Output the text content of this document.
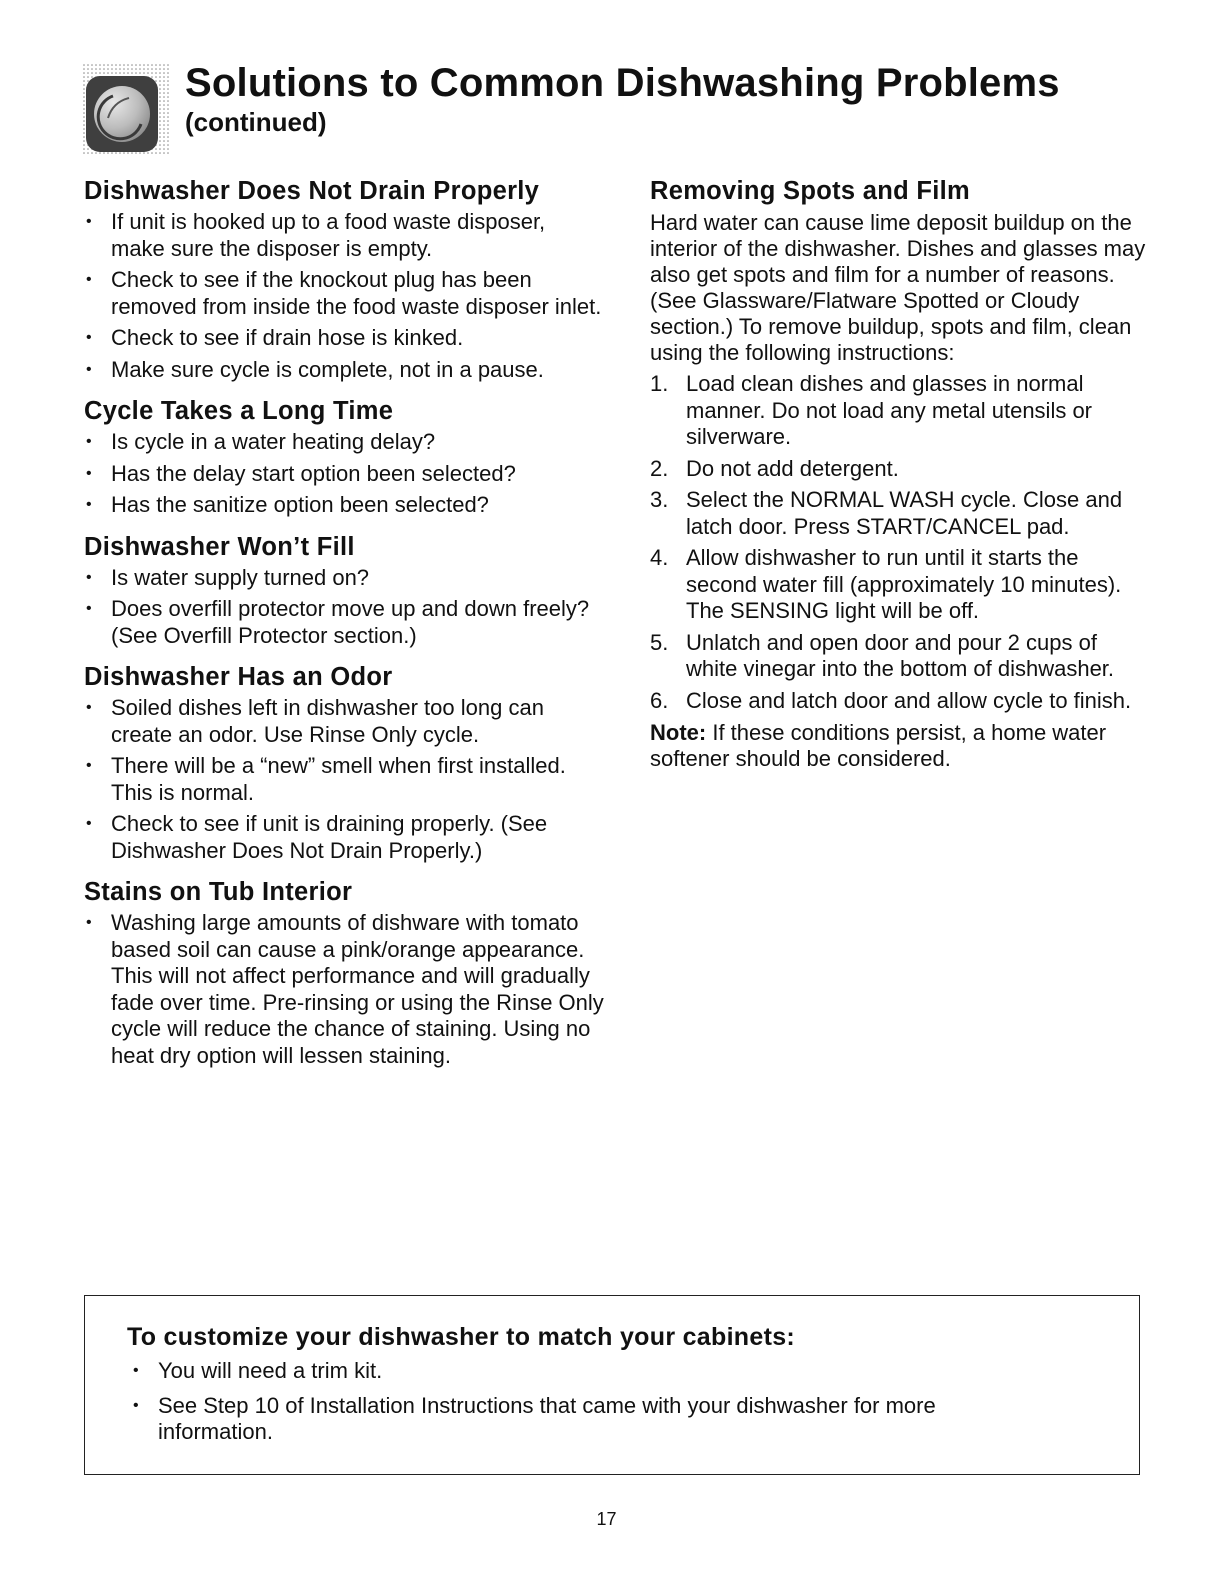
Solutions to Common Dishwashing Problems
(continued)
Dishwasher Does Not Drain Properly
• If unit is hooked up to a food waste disposer, make sure the disposer is empty.
• Check to see if the knockout plug has been removed from inside the food waste disposer inlet.
• Check to see if drain hose is kinked.
• Make sure cycle is complete, not in a pause.
Cycle Takes a Long Time
• Is cycle in a water heating delay?
• Has the delay start option been selected?
• Has the sanitize option been selected?
Dishwasher Won’t Fill
• Is water supply turned on?
• Does overfill protector move up and down freely? (See Overfill Protector section.)
Dishwasher Has an Odor
• Soiled dishes left in dishwasher too long can create an odor. Use Rinse Only cycle.
• There will be a “new” smell when first installed. This is normal.
• Check to see if unit is draining properly. (See Dishwasher Does Not Drain Properly.)
Stains on Tub Interior
• Washing large amounts of dishware with tomato based soil can cause a pink/orange appearance. This will not affect performance and will gradually fade over time. Pre-rinsing or using the Rinse Only cycle will reduce the chance of staining. Using no heat dry option will lessen staining.
Removing Spots and Film

Hard water can cause lime deposit buildup on the interior of the dishwasher. Dishes and glasses may also get spots and film for a number of reasons. (See Glassware/Flatware Spotted or Cloudy section.) To remove buildup, spots and film, clean using the following instructions:

1. Load clean dishes and glasses in normal manner. Do not load any metal utensils or silverware.
2. Do not add detergent.
3. Select the NORMAL WASH cycle. Close and latch door. Press START/CANCEL pad.
4. Allow dishwasher to run until it starts the second water fill (approximately 10 minutes). The SENSING light will be off.
5. Unlatch and open door and pour 2 cups of white vinegar into the bottom of dishwasher.
6. Close and latch door and allow cycle to finish.

Note: If these conditions persist, a home water softener should be considered.

To customize your dishwasher to match your cabinets:
• You will need a trim kit.
• See Step 10 of Installation Instructions that came with your dishwasher for more information.
17
